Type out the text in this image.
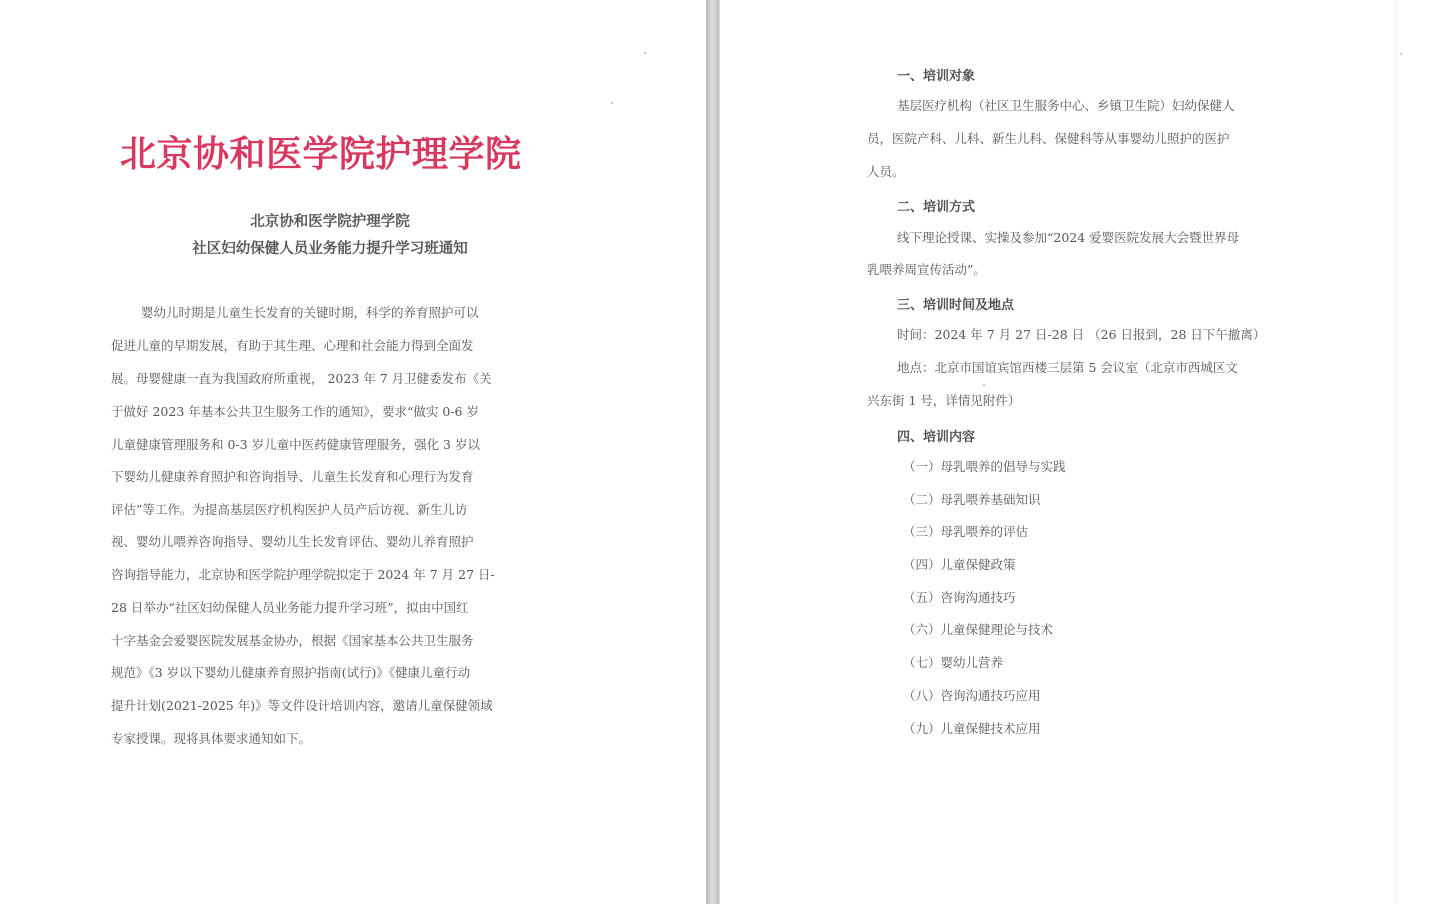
北京协和医学院护理学院
北京协和医学院护理学院
社区妇幼保健人员业务能力提升学习班通知
婴幼儿时期是儿童生长发育的关键时期，科学的养育照护可以
促进儿童的早期发展，有助于其生理、心理和社会能力得到全面发
展。母婴健康一直为我国政府所重视， 2023 年 7 月卫健委发布《关
于做好 2023 年基本公共卫生服务工作的通知》，要求“做实 0-6 岁
儿童健康管理服务和 0-3 岁儿童中医药健康管理服务，强化 3 岁以
下婴幼儿健康养育照护和咨询指导、儿童生长发育和心理行为发育
评估”等工作。为提高基层医疗机构医护人员产后访视、新生儿访
视、婴幼儿喂养咨询指导、婴幼儿生长发育评估、婴幼儿养育照护
咨询指导能力，北京协和医学院护理学院拟定于 2024 年 7 月 27 日-
28 日举办“社区妇幼保健人员业务能力提升学习班”，拟由中国红
十字基金会爱婴医院发展基金协办，根据《国家基本公共卫生服务
规范》《3 岁以下婴幼儿健康养育照护指南(试行)》《健康儿童行动
提升计划(2021-2025 年)》等文件设计培训内容，邀请儿童保健领域
专家授课。现将具体要求通知如下。
一、培训对象
基层医疗机构（社区卫生服务中心、乡镇卫生院）妇幼保健人
员，医院产科、儿科、新生儿科、保健科等从事婴幼儿照护的医护
人员。
二、培训方式
线下理论授课、实操及参加“2024 爱婴医院发展大会暨世界母
乳喂养周宣传活动”。
三、培训时间及地点
时间：2024 年 7 月 27 日-28 日 （26 日报到，28 日下午撤离）
地点：北京市国谊宾馆西楼三层第 5 会议室（北京市西城区文
兴东街 1 号，详情见附件）
四、培训内容
（一）母乳喂养的倡导与实践
（二）母乳喂养基础知识
（三）母乳喂养的评估
（四）儿童保健政策
（五）咨询沟通技巧
（六）儿童保健理论与技术
（七）婴幼儿营养
（八）咨询沟通技巧应用
（九）儿童保健技术应用
